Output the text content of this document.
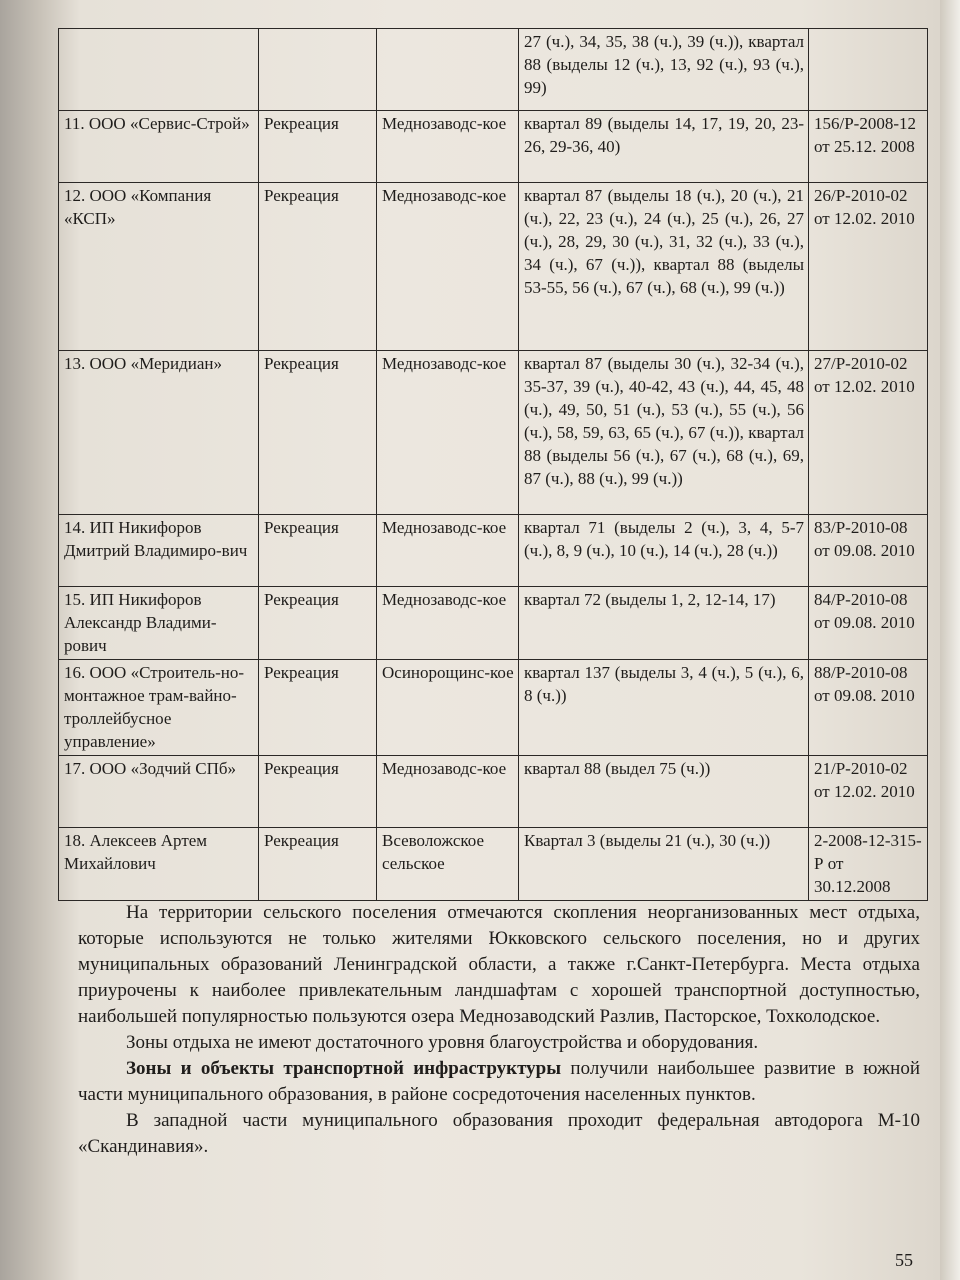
			27 (ч.), 34, 35, 38 (ч.), 39 (ч.)), квартал 88 (выделы 12 (ч.), 13, 92 (ч.), 93 (ч.), 99)	
11. ООО «Сервис-Строй»	Рекреация	Меднозаводс-кое	квартал 89 (выделы 14, 17, 19, 20, 23-26, 29-36, 40)	156/Р-2008-12 от 25.12. 2008
12. ООО «Компания «КСП»	Рекреация	Меднозаводс-кое	квартал 87 (выделы 18 (ч.), 20 (ч.), 21 (ч.), 22, 23 (ч.), 24 (ч.), 25 (ч.), 26, 27 (ч.), 28, 29, 30 (ч.), 31, 32 (ч.), 33 (ч.), 34 (ч.), 67 (ч.)), квартал 88 (выделы 53-55, 56 (ч.), 67 (ч.), 68 (ч.), 99 (ч.))	26/Р-2010-02 от 12.02. 2010
13. ООО «Меридиан»	Рекреация	Меднозаводс-кое	квартал 87 (выделы 30 (ч.), 32-34 (ч.), 35-37, 39 (ч.), 40-42, 43 (ч.), 44, 45, 48 (ч.), 49, 50, 51 (ч.), 53 (ч.), 55 (ч.), 56 (ч.), 58, 59, 63, 65 (ч.), 67 (ч.)), квартал 88 (выделы 56 (ч.), 67 (ч.), 68 (ч.), 69, 87 (ч.), 88 (ч.), 99 (ч.))	27/Р-2010-02 от 12.02. 2010
14. ИП Никифоров Дмитрий Владимиро-вич	Рекреация	Меднозаводс-кое	квартал 71 (выделы 2 (ч.), 3, 4, 5-7 (ч.), 8, 9 (ч.), 10 (ч.), 14 (ч.), 28 (ч.))	83/Р-2010-08 от 09.08. 2010
15. ИП Никифоров Александр Владими-рович	Рекреация	Меднозаводс-кое	квартал 72 (выделы 1, 2, 12-14, 17)	84/Р-2010-08 от 09.08. 2010
16. ООО «Строитель-но-монтажное трам-вайно-троллейбусное управление»	Рекреация	Осинорощинс-кое	квартал 137 (выделы 3, 4 (ч.), 5 (ч.), 6, 8 (ч.))	88/Р-2010-08 от 09.08. 2010
17. ООО «Зодчий СПб»	Рекреация	Меднозаводс-кое	квартал 88 (выдел 75 (ч.))	21/Р-2010-02 от 12.02. 2010
18. Алексеев Артем Михайлович	Рекреация	Всеволожское сельское	Квартал 3 (выделы 21 (ч.), 30 (ч.))	2-2008-12-315-Р от 30.12.2008

На территории сельского поселения отмечаются скопления неорганизованных мест отдыха, которые используются не только жителями Юкковского сельского поселения, но и других муниципальных образований Ленинградской области, а также г.Санкт-Петербурга. Места отдыха приурочены к наиболее привлекательным ландшафтам с хорошей транспортной доступностью, наибольшей популярностью пользуются озера Меднозаводский Разлив, Пасторское, Тохколодское.

Зоны отдыха не имеют достаточного уровня благоустройства и оборудования.

Зоны и объекты транспортной инфраструктуры получили наибольшее развитие в южной части муниципального образования, в районе сосредоточения населенных пунктов.

В западной части муниципального образования проходит федеральная автодорога М-10 «Скандинавия».

55
